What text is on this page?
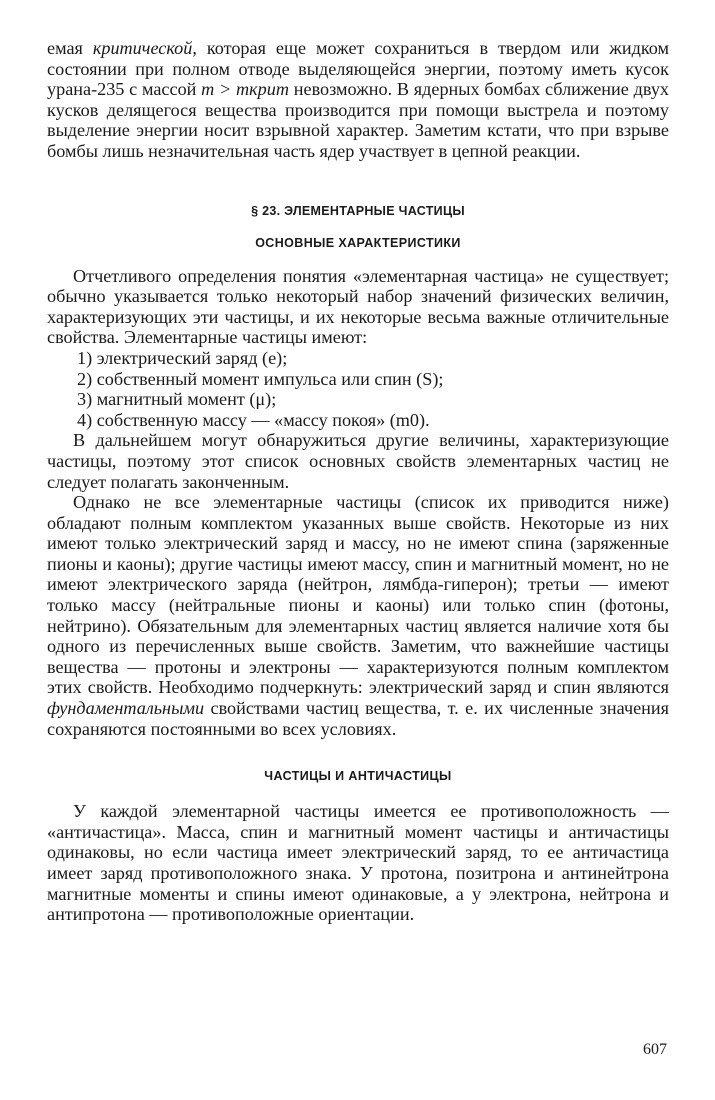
емая критической, которая еще может сохраниться в твердом или жидком состоянии при полном отводе выделяющейся энергии, поэтому иметь кусок урана-235 с массой m > mкрит невозможно. В ядерных бомбах сближение двух кусков делящегося вещества производится при помощи выстрела и поэтому выделение энергии носит взрывной характер. Заметим кстати, что при взрыве бомбы лишь незначительная часть ядер участвует в цепной реакции.

§ 23. ЭЛЕМЕНТАРНЫЕ ЧАСТИЦЫ
ОСНОВНЫЕ ХАРАКТЕРИСТИКИ

Отчетливого определения понятия «элементарная частица» не существует; обычно указывается только некоторый набор значений физических величин, характеризующих эти частицы, и их некоторые весьма важные отличительные свойства. Элементарные частицы имеют:

1) электрический заряд (e);

2) собственный момент импульса или спин (S);

3) магнитный момент (μ);

4) собственную массу — «массу покоя» (m0).

В дальнейшем могут обнаружиться другие величины, характеризующие частицы, поэтому этот список основных свойств элементарных частиц не следует полагать законченным.

Однако не все элементарные частицы (список их приводится ниже) обладают полным комплектом указанных выше свойств. Некоторые из них имеют только электрический заряд и массу, но не имеют спина (заряженные пионы и каоны); другие частицы имеют массу, спин и магнитный момент, но не имеют электрического заряда (нейтрон, лямбда-гиперон); третьи — имеют только массу (нейтральные пионы и каоны) или только спин (фотоны, нейтрино). Обязательным для элементарных частиц является наличие хотя бы одного из перечисленных выше свойств. Заметим, что важнейшие частицы вещества — протоны и электроны — характеризуются полным комплектом этих свойств. Необходимо подчеркнуть: электрический заряд и спин являются фундаментальными свойствами частиц вещества, т. е. их численные значения сохраняются постоянными во всех условиях.

ЧАСТИЦЫ И АНТИЧАСТИЦЫ

У каждой элементарной частицы имеется ее противоположность — «античастица». Масса, спин и магнитный момент частицы и античастицы одинаковы, но если частица имеет электрический заряд, то ее античастица имеет заряд противоположного знака. У протона, позитрона и антинейтрона магнитные моменты и спины имеют одинаковые, а у электрона, нейтрона и антипротона — противоположные ориентации.

607
